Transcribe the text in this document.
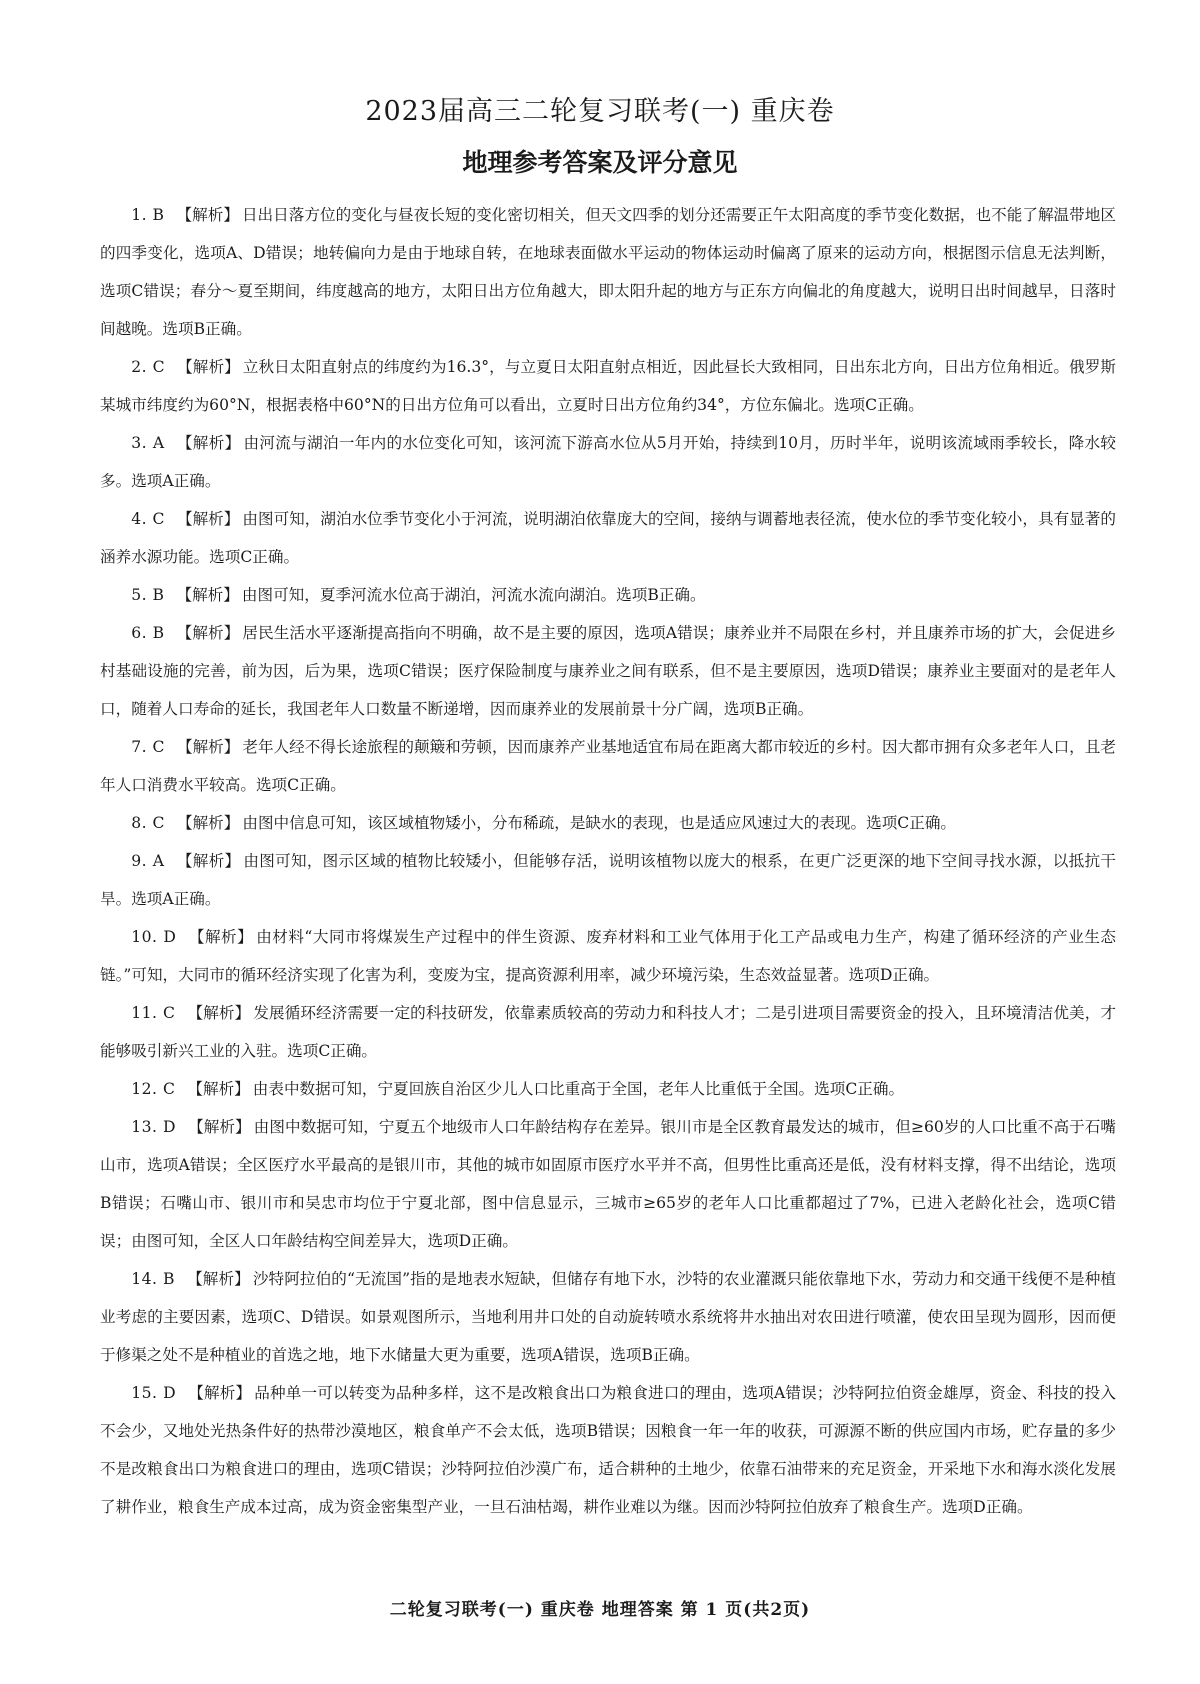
2023届高三二轮复习联考(一) 重庆卷
地理参考答案及评分意见

1. B 【解析】 日出日落方位的变化与昼夜长短的变化密切相关，但天文四季的划分还需要正午太阳高度的季节变化数据，也不能了解温带地区的四季变化，选项A、D错误；地转偏向力是由于地球自转，在地球表面做水平运动的物体运动时偏离了原来的运动方向，根据图示信息无法判断，选项C错误；春分～夏至期间，纬度越高的地方，太阳日出方位角越大，即太阳升起的地方与正东方向偏北的角度越大，说明日出时间越早，日落时间越晚。选项B正确。

2. C 【解析】 立秋日太阳直射点的纬度约为16.3°，与立夏日太阳直射点相近，因此昼长大致相同，日出东北方向，日出方位角相近。俄罗斯某城市纬度约为60°N，根据表格中60°N的日出方位角可以看出，立夏时日出方位角约34°，方位东偏北。选项C正确。

3. A 【解析】 由河流与湖泊一年内的水位变化可知，该河流下游高水位从5月开始，持续到10月，历时半年，说明该流域雨季较长，降水较多。选项A正确。

4. C 【解析】 由图可知，湖泊水位季节变化小于河流，说明湖泊依靠庞大的空间，接纳与调蓄地表径流，使水位的季节变化较小，具有显著的涵养水源功能。选项C正确。

5. B 【解析】 由图可知，夏季河流水位高于湖泊，河流水流向湖泊。选项B正确。

6. B 【解析】 居民生活水平逐渐提高指向不明确，故不是主要的原因，选项A错误；康养业并不局限在乡村，并且康养市场的扩大，会促进乡村基础设施的完善，前为因，后为果，选项C错误；医疗保险制度与康养业之间有联系，但不是主要原因，选项D错误；康养业主要面对的是老年人口，随着人口寿命的延长，我国老年人口数量不断递增，因而康养业的发展前景十分广阔，选项B正确。

7. C 【解析】 老年人经不得长途旅程的颠簸和劳顿，因而康养产业基地适宜布局在距离大都市较近的乡村。因大都市拥有众多老年人口，且老年人口消费水平较高。选项C正确。

8. C 【解析】 由图中信息可知，该区域植物矮小，分布稀疏，是缺水的表现，也是适应风速过大的表现。选项C正确。

9. A 【解析】 由图可知，图示区域的植物比较矮小，但能够存活，说明该植物以庞大的根系，在更广泛更深的地下空间寻找水源，以抵抗干旱。选项A正确。

10. D 【解析】 由材料“大同市将煤炭生产过程中的伴生资源、废弃材料和工业气体用于化工产品或电力生产，构建了循环经济的产业生态链。”可知，大同市的循环经济实现了化害为利，变废为宝，提高资源利用率，减少环境污染，生态效益显著。选项D正确。

11. C 【解析】 发展循环经济需要一定的科技研发，依靠素质较高的劳动力和科技人才；二是引进项目需要资金的投入，且环境清洁优美，才能够吸引新兴工业的入驻。选项C正确。

12. C 【解析】 由表中数据可知，宁夏回族自治区少儿人口比重高于全国，老年人比重低于全国。选项C正确。

13. D 【解析】 由图中数据可知，宁夏五个地级市人口年龄结构存在差异。银川市是全区教育最发达的城市，但≥60岁的人口比重不高于石嘴山市，选项A错误；全区医疗水平最高的是银川市，其他的城市如固原市医疗水平并不高，但男性比重高还是低，没有材料支撑，得不出结论，选项B错误；石嘴山市、银川市和吴忠市均位于宁夏北部，图中信息显示，三城市≥65岁的老年人口比重都超过了7%，已进入老龄化社会，选项C错误；由图可知，全区人口年龄结构空间差异大，选项D正确。

14. B 【解析】 沙特阿拉伯的“无流国”指的是地表水短缺，但储存有地下水，沙特的农业灌溉只能依靠地下水，劳动力和交通干线便不是种植业考虑的主要因素，选项C、D错误。如景观图所示，当地利用井口处的自动旋转喷水系统将井水抽出对农田进行喷灌，使农田呈现为圆形，因而便于修渠之处不是种植业的首选之地，地下水储量大更为重要，选项A错误，选项B正确。

15. D 【解析】 品种单一可以转变为品种多样，这不是改粮食出口为粮食进口的理由，选项A错误；沙特阿拉伯资金雄厚，资金、科技的投入不会少，又地处光热条件好的热带沙漠地区，粮食单产不会太低，选项B错误；因粮食一年一年的收获，可源源不断的供应国内市场，贮存量的多少不是改粮食出口为粮食进口的理由，选项C错误；沙特阿拉伯沙漠广布，适合耕种的土地少，依靠石油带来的充足资金，开采地下水和海水淡化发展了耕作业，粮食生产成本过高，成为资金密集型产业，一旦石油枯竭，耕作业难以为继。因而沙特阿拉伯放弃了粮食生产。选项D正确。

二轮复习联考(一) 重庆卷 地理答案 第 1 页(共2页)
